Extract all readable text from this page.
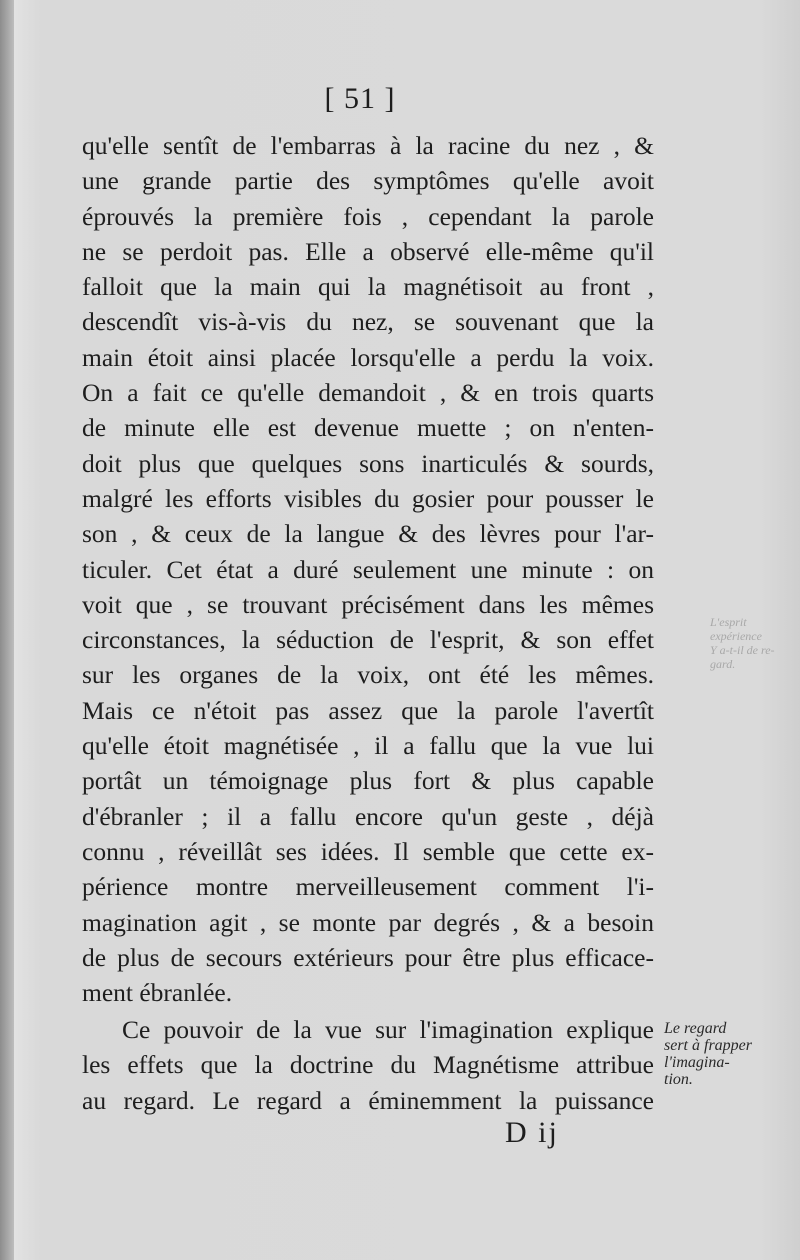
[ 51 ]
L'esprit
expérience
Y a-t-il de re-
gard.
qu'elle sentît de l'embarras à la racine du nez , &
une grande partie des symptômes qu'elle avoit
éprouvés la première fois , cependant la parole
ne se perdoit pas. Elle a observé elle-même qu'il
falloit que la main qui la magnétisoit au front ,
descendît vis-à-vis du nez, se souvenant que la
main étoit ainsi placée lorsqu'elle a perdu la voix.
On a fait ce qu'elle demandoit , & en trois quarts
de minute elle est devenue muette ; on n'enten-
doit plus que quelques sons inarticulés & sourds,
malgré les efforts visibles du gosier pour pousser le
son , & ceux de la langue & des lèvres pour l'ar-
ticuler. Cet état a duré seulement une minute : on
voit que , se trouvant précisément dans les mêmes
circonstances, la séduction de l'esprit, & son effet
sur les organes de la voix, ont été les mêmes.
Mais ce n'étoit pas assez que la parole l'avertît
qu'elle étoit magnétisée , il a fallu que la vue lui
portât un témoignage plus fort & plus capable
d'ébranler ; il a fallu encore qu'un geste , déjà
connu , réveillât ses idées. Il semble que cette ex-
périence montre merveilleusement comment l'i-
magination agit , se monte par degrés , & a besoin
de plus de secours extérieurs pour être plus efficace-
ment ébranlée.
Ce pouvoir de la vue sur l'imagination explique
les effets que la doctrine du Magnétisme attribue
au regard. Le regard a éminemment la puissance
Le regard
sert à frapper
l'imagina-
tion.
D ij
